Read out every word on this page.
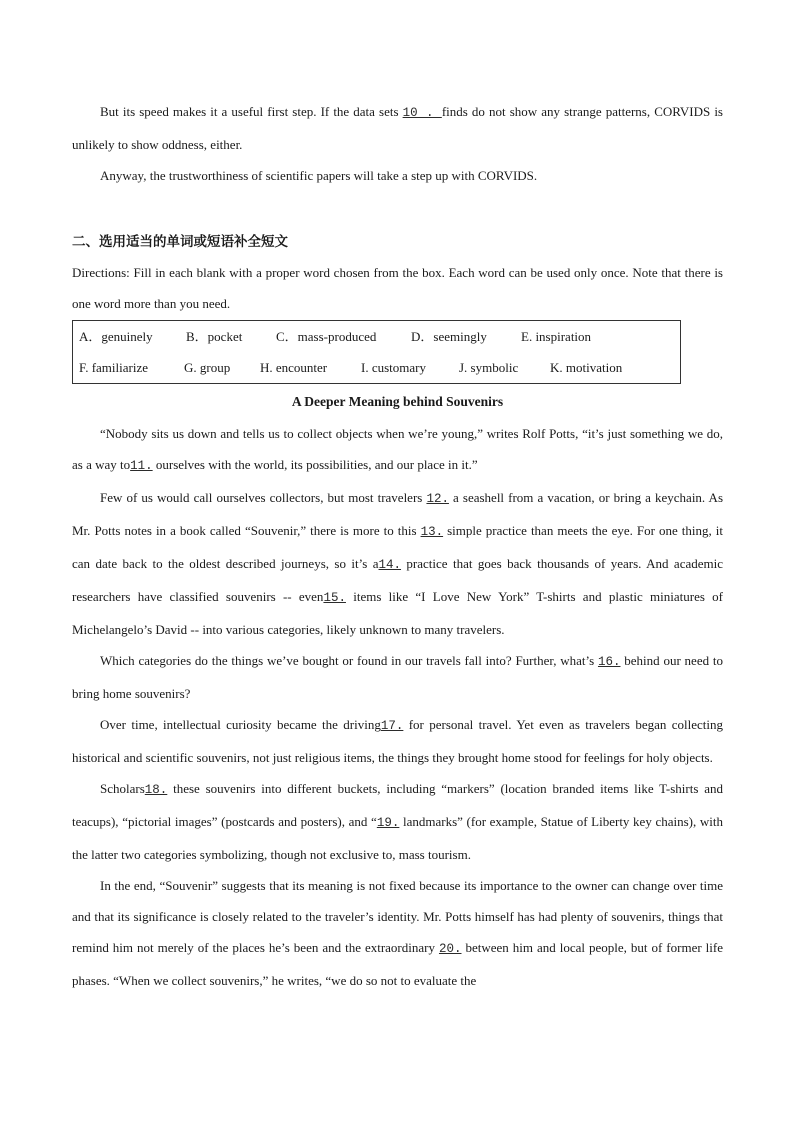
But its speed makes it a useful first step. If the data sets 10 . finds do not show any strange patterns, CORVIDS is unlikely to show oddness, either.

Anyway, the trustworthiness of scientific papers will take a step up with CORVIDS.

二、选用适当的单词或短语补全短文

Directions: Fill in each blank with a proper word chosen from the box. Each word can be used only once. Note that there is one word more than you need.

A．genuinely	B．pocket	C．mass-produced	D．seemingly	E. inspiration
F. familiarize	G. group	H. encounter	I. customary	J. symbolic	K. motivation

A Deeper Meaning behind Souvenirs

“Nobody sits us down and tells us to collect objects when we’re young,” writes Rolf Potts, “it’s just something we do, as a way to11. ourselves with the world, its possibilities, and our place in it.”

Few of us would call ourselves collectors, but most travelers 12. a seashell from a vacation, or bring a keychain. As Mr. Potts notes in a book called “Souvenir,” there is more to this 13. simple practice than meets the eye. For one thing, it can date back to the oldest described journeys, so it’s a14. practice that goes back thousands of years. And academic researchers have classified souvenirs -- even15. items like “I Love New York” T-shirts and plastic miniatures of Michelangelo’s David -- into various categories, likely unknown to many travelers.

Which categories do the things we’ve bought or found in our travels fall into? Further, what’s 16. behind our need to bring home souvenirs?

Over time, intellectual curiosity became the driving17. for personal travel. Yet even as travelers began collecting historical and scientific souvenirs, not just religious items, the things they brought home stood for feelings for holy objects.

Scholars18. these souvenirs into different buckets, including “markers” (location branded items like T-shirts and teacups), “pictorial images” (postcards and posters), and “19. landmarks” (for example, Statue of Liberty key chains), with the latter two categories symbolizing, though not exclusive to, mass tourism.

In the end, “Souvenir” suggests that its meaning is not fixed because its importance to the owner can change over time and that its significance is closely related to the traveler’s identity. Mr. Potts himself has had plenty of souvenirs, things that remind him not merely of the places he’s been and the extraordinary 20. between him and local people, but of former life phases. “When we collect souvenirs,” he writes, “we do so not to evaluate the
